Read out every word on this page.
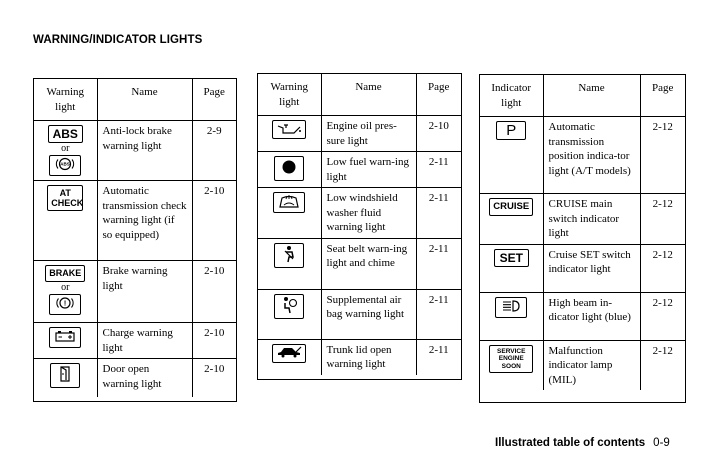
WARNING/INDICATOR LIGHTS
Warning light	Name	Page
ABS
or
ABS	Anti-lock brake warning light	2-9
AT CHECK	Automatic transmission check warning light (if so equipped)	2-10
BRAKE
or
!	Brake warning light	2-10
	Charge warning light	2-10
	Door open warning light	2-10
Warning light	Name	Page
	Engine oil pres-sure light	2-10
	Low fuel warn-ing light	2-11
	Low windshield washer fluid warning light	2-11
	Seat belt warn-ing light and chime	2-11
	Supplemental air bag warning light	2-11
	Trunk lid open warning light	2-11
Indicator light	Name	Page
P	Automatic transmission position indica-tor light (A/T models)	2-12
CRUISE	CRUISE main switch indicator light	2-12
SET	Cruise SET switch indicator light	2-12
	High beam in-dicator light (blue)	2-12
SERVICE ENGINE SOON	Malfunction indicator lamp (MIL)	2-12
Illustrated table of contents 0-9
